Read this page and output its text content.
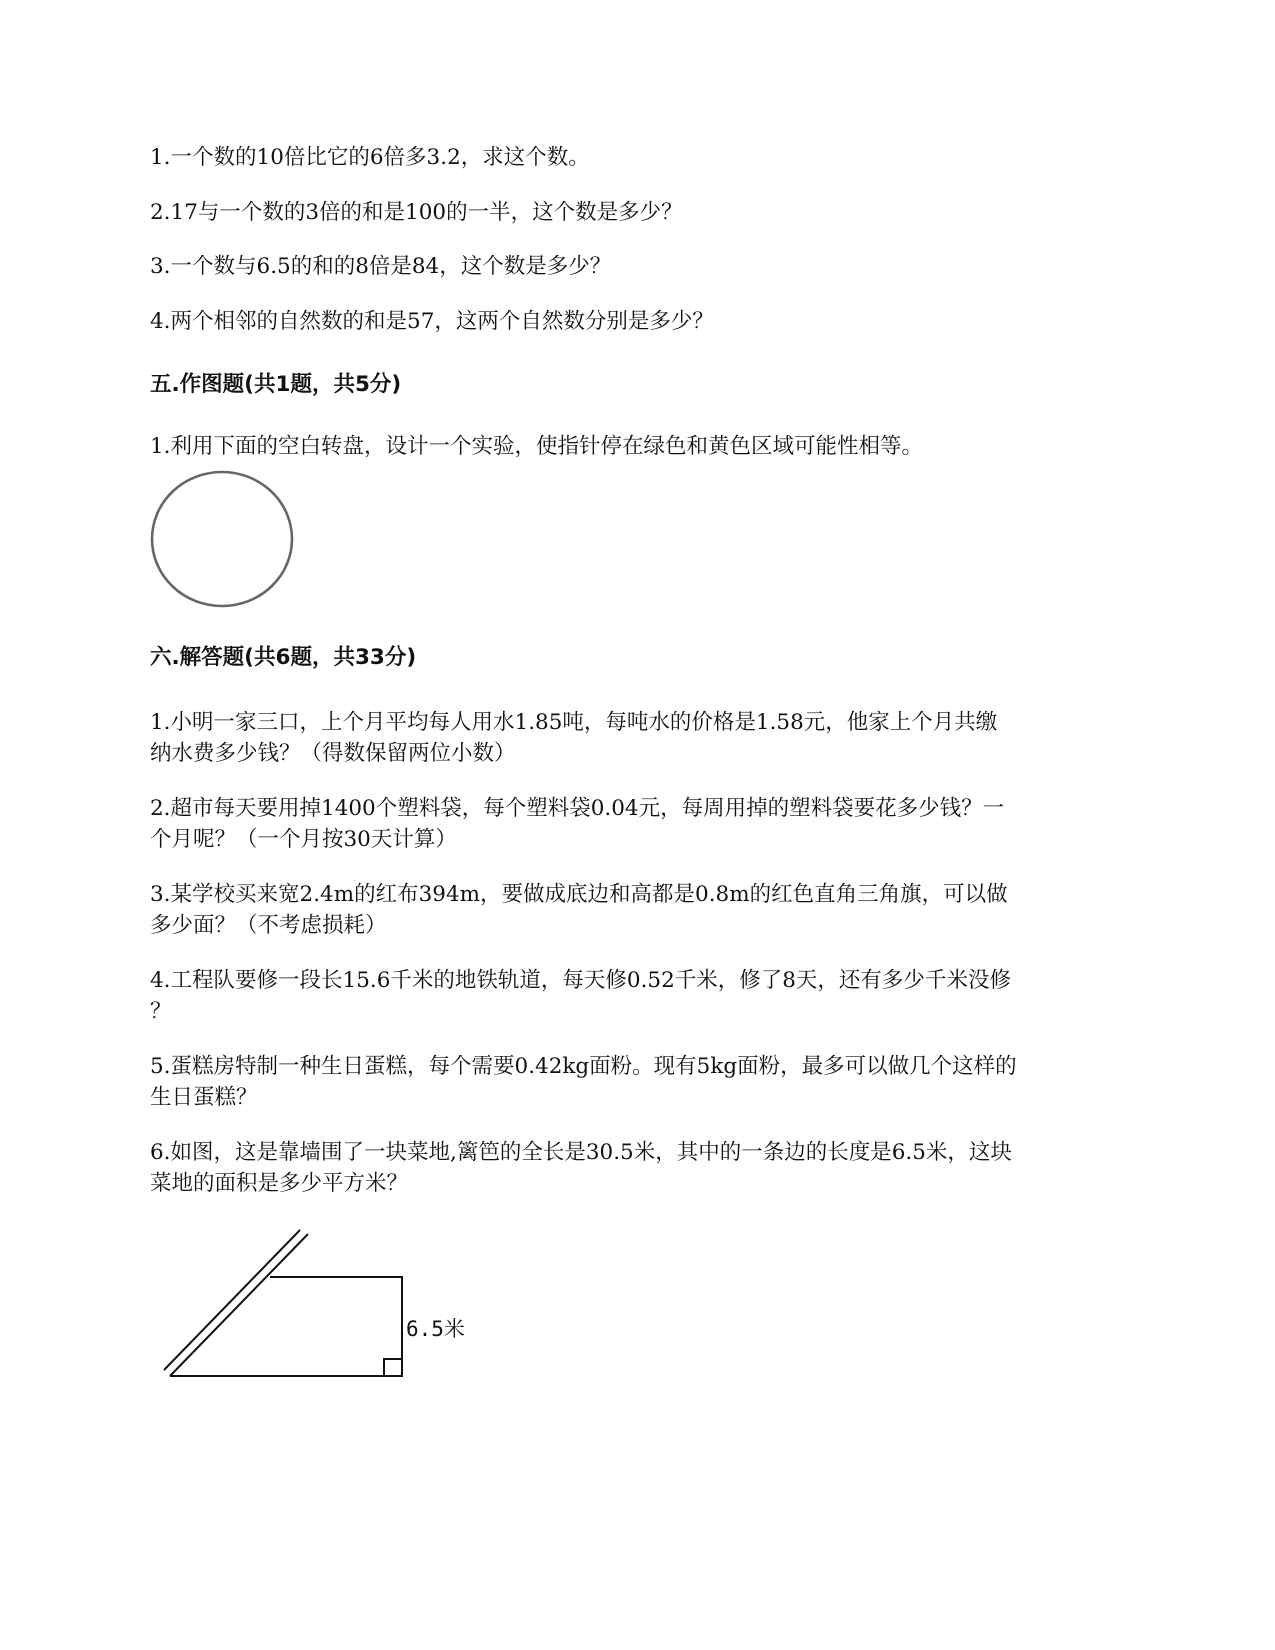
1.一个数的10倍比它的6倍多3.2，求这个数。
2.17与一个数的3倍的和是100的一半，这个数是多少？
3.一个数与6.5的和的8倍是84，这个数是多少？
4.两个相邻的自然数的和是57，这两个自然数分别是多少？
五.作图题(共1题，共5分)
1.利用下面的空白转盘，设计一个实验，使指针停在绿色和黄色区域可能性相等。
六.解答题(共6题，共33分)
1.小明一家三口，上个月平均每人用水1.85吨，每吨水的价格是1.58元，他家上个月共缴
纳水费多少钱？（得数保留两位小数）
2.超市每天要用掉1400个塑料袋，每个塑料袋0.04元，每周用掉的塑料袋要花多少钱？一
个月呢？（一个月按30天计算）
3.某学校买来宽2.4m的红布394m，要做成底边和高都是0.8m的红色直角三角旗，可以做
多少面？（不考虑损耗）
4.工程队要修一段长15.6千米的地铁轨道，每天修0.52千米，修了8天，还有多少千米没修
？
5.蛋糕房特制一种生日蛋糕，每个需要0.42kg面粉。现有5kg面粉，最多可以做几个这样的
生日蛋糕？
6.如图，这是靠墙围了一块菜地,篱笆的全长是30.5米，其中的一条边的长度是6.5米，这块
菜地的面积是多少平方米？
6.5米
